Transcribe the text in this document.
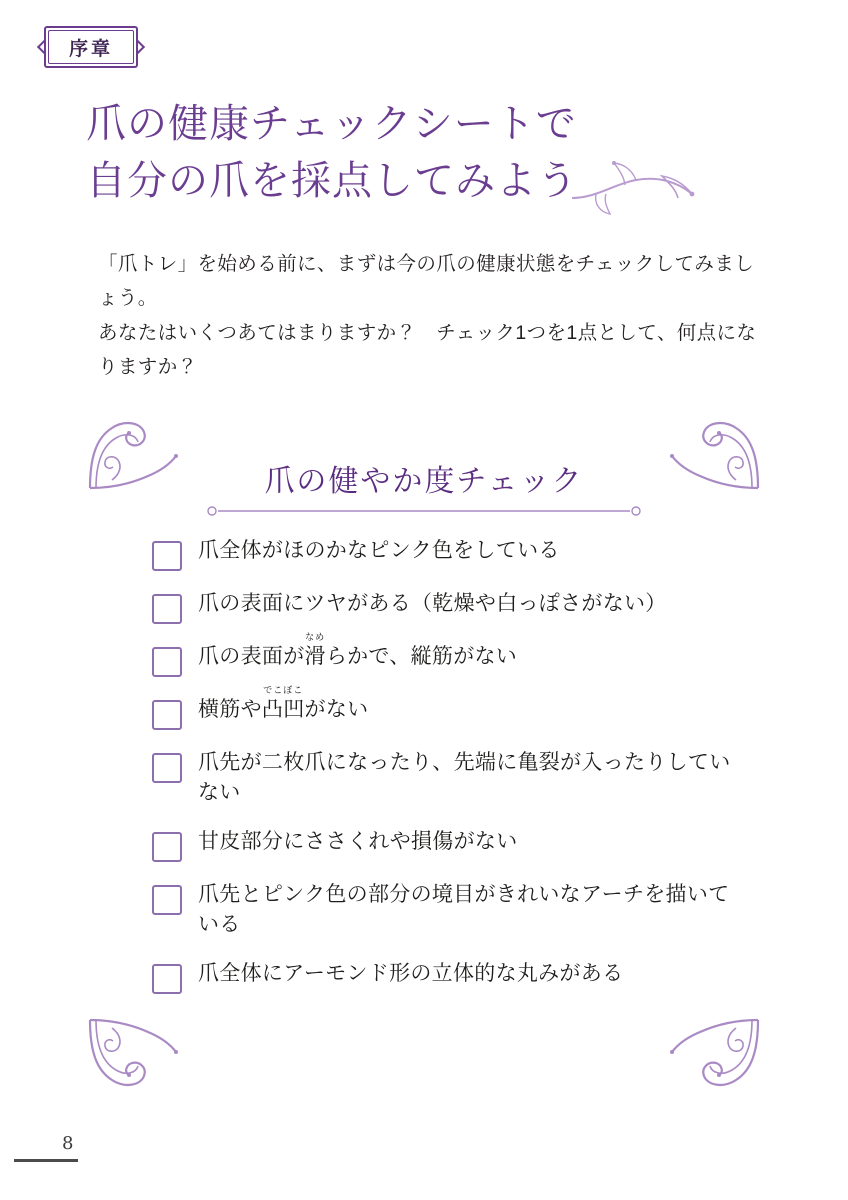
序章
爪の健康チェックシートで
自分の爪を採点してみよう

「爪トレ」を始める前に、まずは今の爪の健康状態をチェックしてみましょう。

あなたはいくつあてはまりますか？　チェック1つを1点として、何点になりますか？

爪の健やか度チェック
爪全体がほのかなピンク色をしている
爪の表面にツヤがある（乾燥や白っぽさがない）
爪の表面が
なめ
滑らかで、縦筋がない
横筋や
でこぼこ
凸凹がない
爪先が二枚爪になったり、先端に亀裂が入ったりしていない
甘皮部分にささくれや損傷がない
爪先とピンク色の部分の境目がきれいなアーチを描いている
爪全体にアーモンド形の立体的な丸みがある
8
